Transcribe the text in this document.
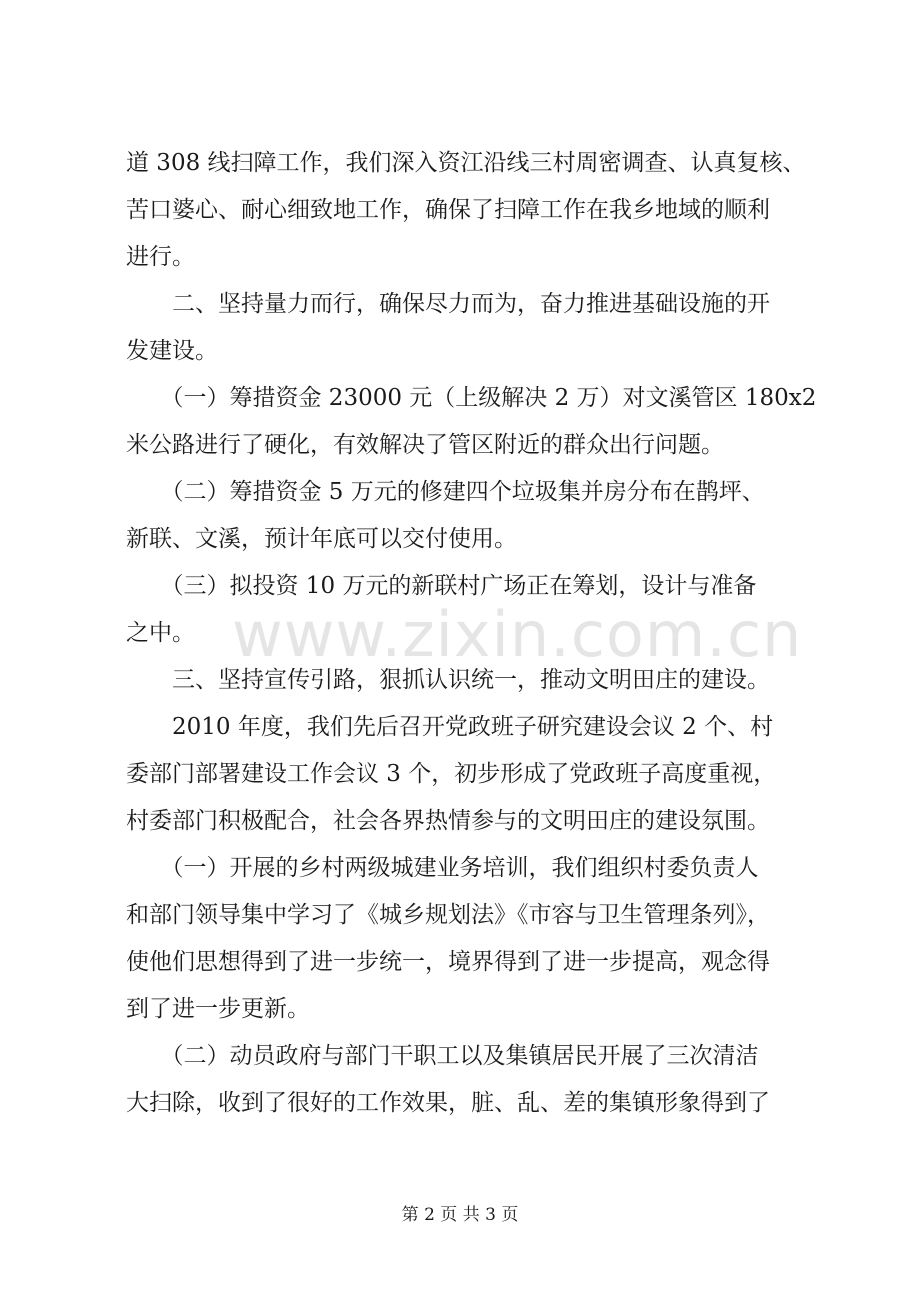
道 308 线扫障工作，我们深入资江沿线三村周密调查、认真复核、
苦口婆心、耐心细致地工作，确保了扫障工作在我乡地域的顺利
进行。
　　二、坚持量力而行，确保尽力而为，奋力推进基础设施的开
发建设。
　　（一）筹措资金 23000 元（上级解决 2 万）对文溪管区 180x2
米公路进行了硬化，有效解决了管区附近的群众出行问题。
　　（二）筹措资金 5 万元的修建四个垃圾集并房分布在鹊坪、
新联、文溪，预计年底可以交付使用。
　　（三）拟投资 10 万元的新联村广场正在筹划，设计与准备
之中。
　　三、坚持宣传引路，狠抓认识统一，推动文明田庄的建设。
　　2010 年度，我们先后召开党政班子研究建设会议 2 个、村
委部门部署建设工作会议 3 个，初步形成了党政班子高度重视，
村委部门积极配合，社会各界热情参与的文明田庄的建设氛围。
　　（一）开展的乡村两级城建业务培训，我们组织村委负责人
和部门领导集中学习了《城乡规划法》《市容与卫生管理条列》，
使他们思想得到了进一步统一，境界得到了进一步提高，观念得
到了进一步更新。
　　（二）动员政府与部门干职工以及集镇居民开展了三次清洁
大扫除，收到了很好的工作效果，脏、乱、差的集镇形象得到了
www.zixin.com.cn
第 2 页 共 3 页
